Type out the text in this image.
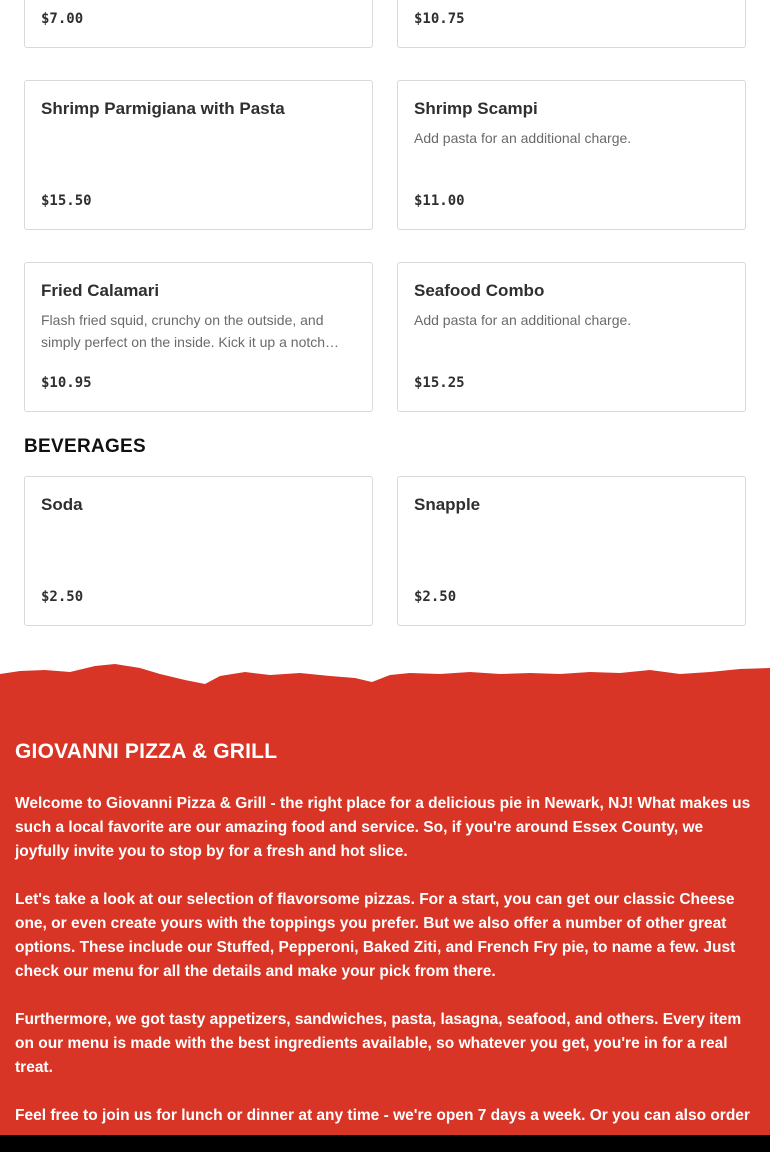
$7.00	$10.75
Shrimp Parmigiana with Pasta
$15.50
Shrimp Scampi
Add pasta for an additional charge.
$11.00
Fried Calamari
Flash fried squid, crunchy on the outside, and simply perfect on the inside. Kick it up a notch…
$10.95
Seafood Combo
Add pasta for an additional charge.
$15.25
BEVERAGES
Soda
$2.50
Snapple
$2.50
GIOVANNI PIZZA & GRILL
Welcome to Giovanni Pizza & Grill - the right place for a delicious pie in Newark, NJ! What makes us such a local favorite are our amazing food and service. So, if you're around Essex County, we joyfully invite you to stop by for a fresh and hot slice.
Let's take a look at our selection of flavorsome pizzas. For a start, you can get our classic Cheese one, or even create yours with the toppings you prefer. But we also offer a number of other great options. These include our Stuffed, Pepperoni, Baked Ziti, and French Fry pie, to name a few. Just check our menu for all the details and make your pick from there.
Furthermore, we got tasty appetizers, sandwiches, pasta, lasagna, seafood, and others. Every item on our menu is made with the best ingredients available, so whatever you get, you're in for a real treat.
Feel free to join us for lunch or dinner at any time - we're open 7 days a week. Or you can also order
